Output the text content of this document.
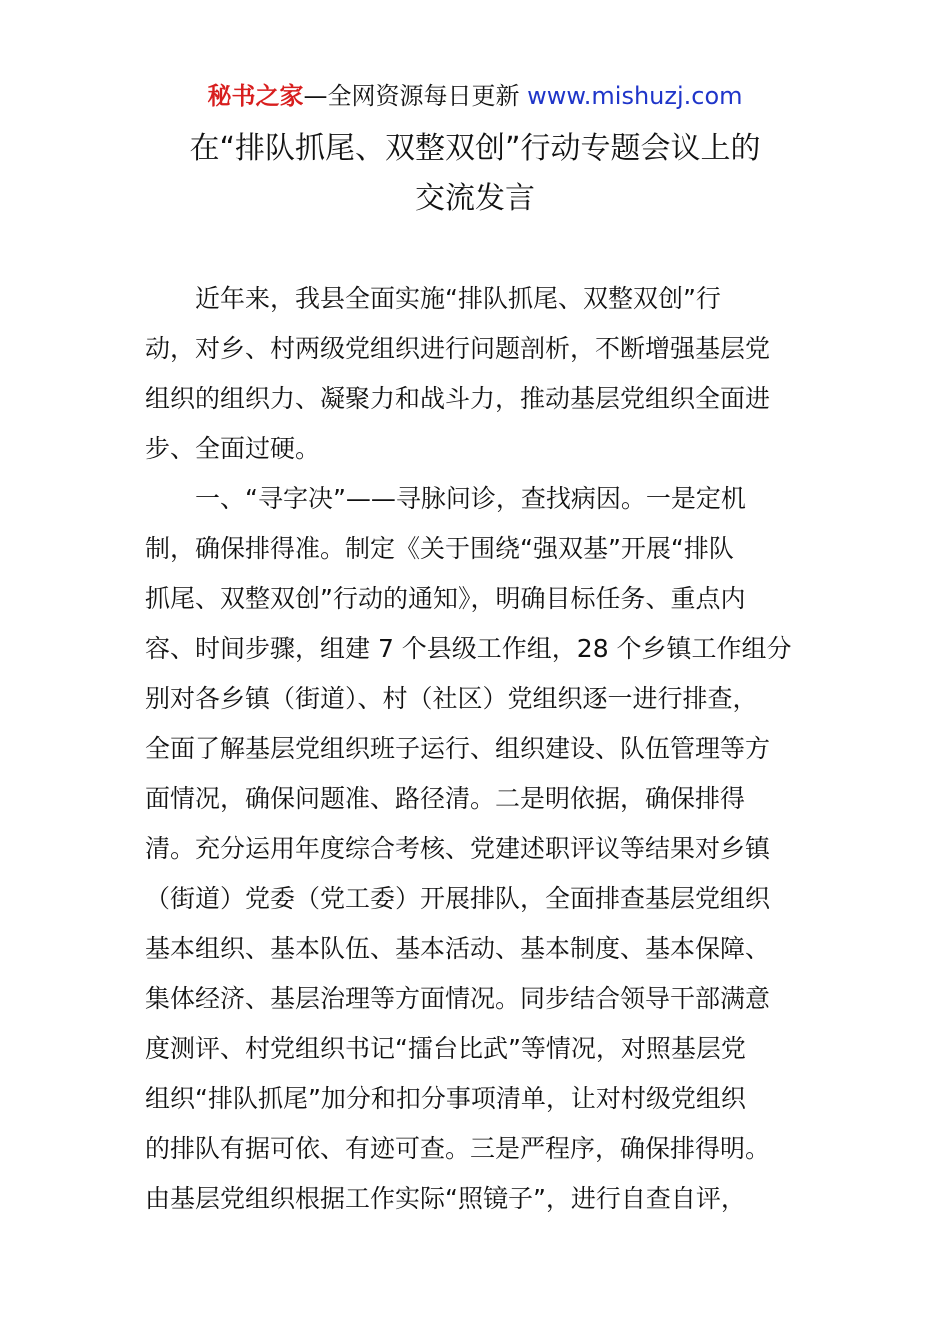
秘书之家—全网资源每日更新 www.mishuzj.com
在“排队抓尾、双整双创”行动专题会议上的
交流发言

近年来，我县全面实施“排队抓尾、双整双创”行
动，对乡、村两级党组织进行问题剖析，不断增强基层党
组织的组织力、凝聚力和战斗力，推动基层党组织全面进
步、全面过硬。

一、“寻字决”——寻脉问诊，查找病因。一是定机
制，确保排得准。制定《关于围绕“强双基”开展“排队
抓尾、双整双创”行动的通知》，明确目标任务、重点内
容、时间步骤，组建 7 个县级工作组，28 个乡镇工作组分
别对各乡镇（街道）、村（社区）党组织逐一进行排查，
全面了解基层党组织班子运行、组织建设、队伍管理等方
面情况，确保问题准、路径清。二是明依据，确保排得
清。充分运用年度综合考核、党建述职评议等结果对乡镇
（街道）党委（党工委）开展排队，全面排查基层党组织
基本组织、基本队伍、基本活动、基本制度、基本保障、
集体经济、基层治理等方面情况。同步结合领导干部满意
度测评、村党组织书记“擂台比武”等情况，对照基层党
组织“排队抓尾”加分和扣分事项清单，让对村级党组织
的排队有据可依、有迹可查。三是严程序，确保排得明。
由基层党组织根据工作实际“照镜子”，进行自查自评，
